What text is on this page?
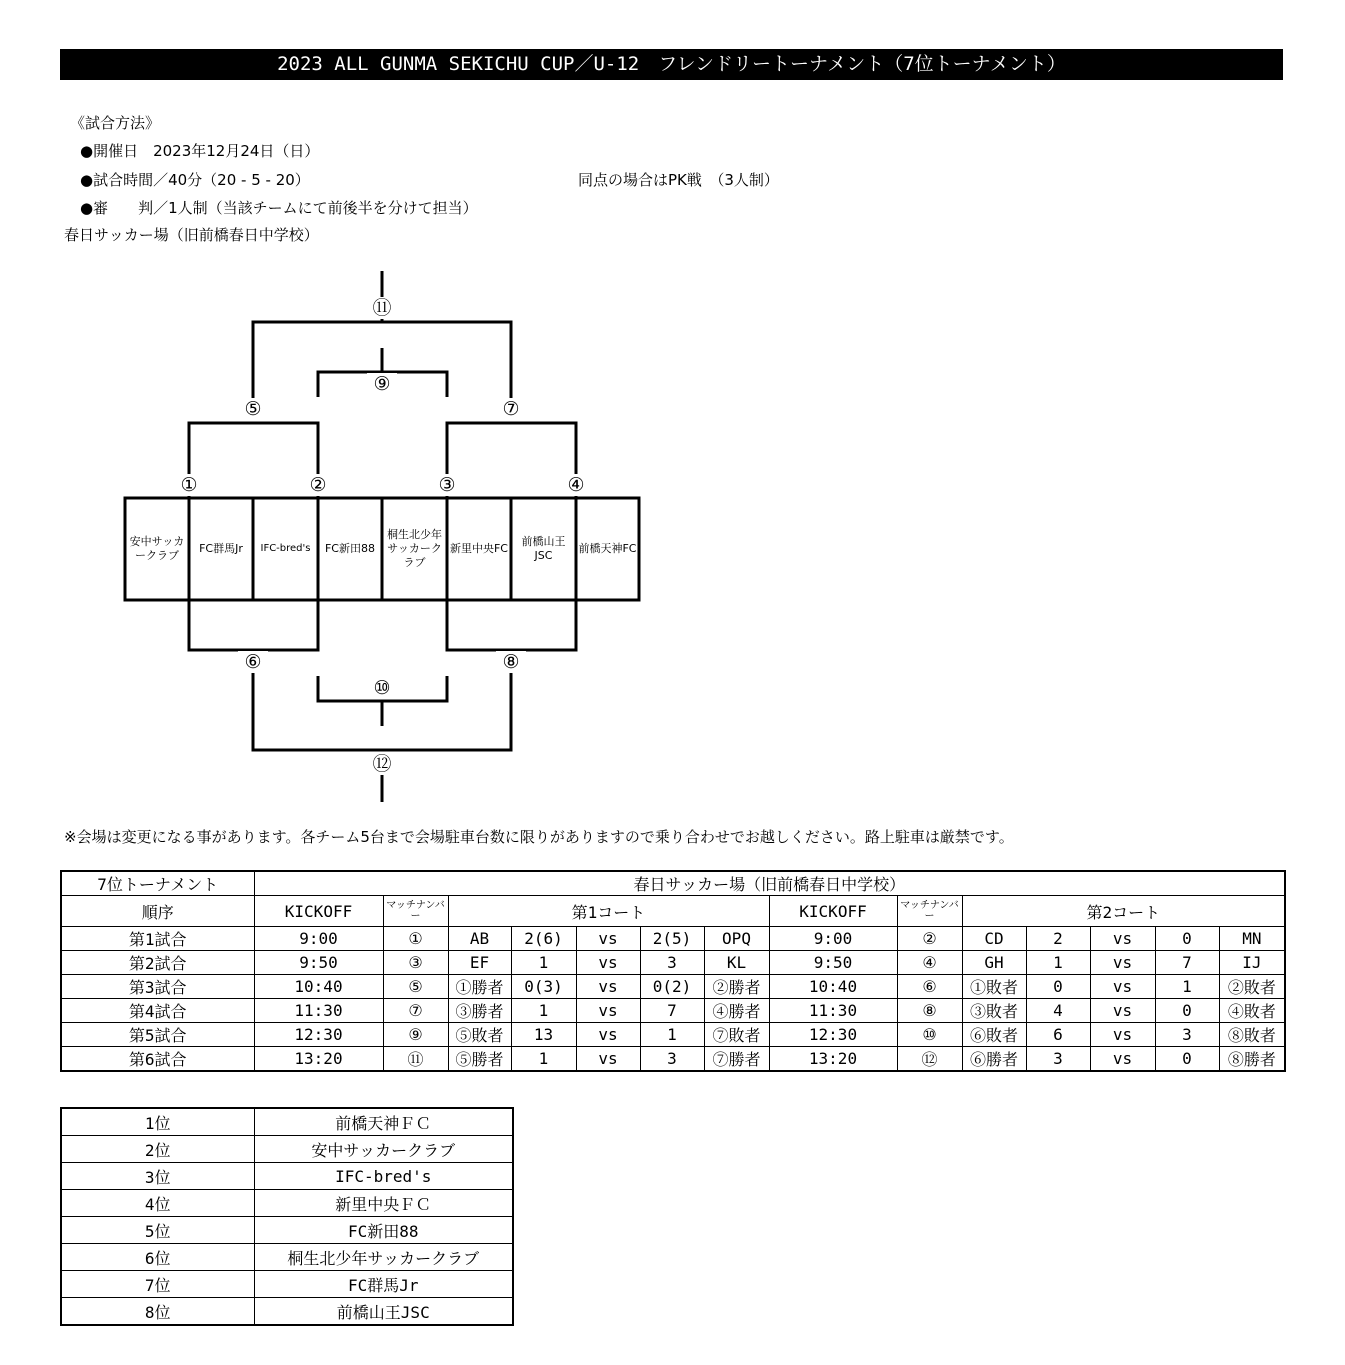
2023 ALL GUNMA SEKICHU CUP／U-12　フレンドリートーナメント（7位トーナメント）
《試合方法》
●開催日　2023年12月24日（日）
●試合時間／40分（20 - 5 - 20）	同点の場合はPK戦　（3人制）
●審　　判／1人制（当該チームにて前後半を分けて担当）
春日サッカー場（旧前橋春日中学校）
⑪
⑨
⑤	⑦
①	②	③	④
⑥	⑧
⑩
⑫
安中サッカークラブ
FC群馬Jr	IFC-bred's	FC新田88
桐生北少年サッカークラブ
新里中央FC
前橋山王JSC
前橋天神FC
※会場は変更になる事があります。各チーム5台まで会場駐車台数に限りがありますので乗り合わせでお越しください。路上駐車は厳禁です。
7位トーナメント	春日サッカー場（旧前橋春日中学校）													
順序	KICKOFF	マッチナンバー	第1コート					KICKOFF	マッチナンバー	第2コート				
第1試合	9:00	①	AB	2(6)	vs	2(5)	OPQ	9:00	②	CD	2	vs	0	MN
第2試合	9:50	③	EF	1	vs	3	KL	9:50	④	GH	1	vs	7	IJ
第3試合	10:40	⑤	①勝者	0(3)	vs	0(2)	②勝者	10:40	⑥	①敗者	0	vs	1	②敗者
第4試合	11:30	⑦	③勝者	1	vs	7	④勝者	11:30	⑧	③敗者	4	vs	0	④敗者
第5試合	12:30	⑨	⑤敗者	13	vs	1	⑦敗者	12:30	⑩	⑥敗者	6	vs	3	⑧敗者
第6試合	13:20	⑪	⑤勝者	1	vs	3	⑦勝者	13:20	⑫	⑥勝者	3	vs	0	⑧勝者
1位	前橋天神ＦＣ
2位	安中サッカークラブ
3位	IFC-bred's
4位	新里中央ＦＣ
5位	FC新田88
6位	桐生北少年サッカークラブ
7位	FC群馬Jr
8位	前橋山王JSC
